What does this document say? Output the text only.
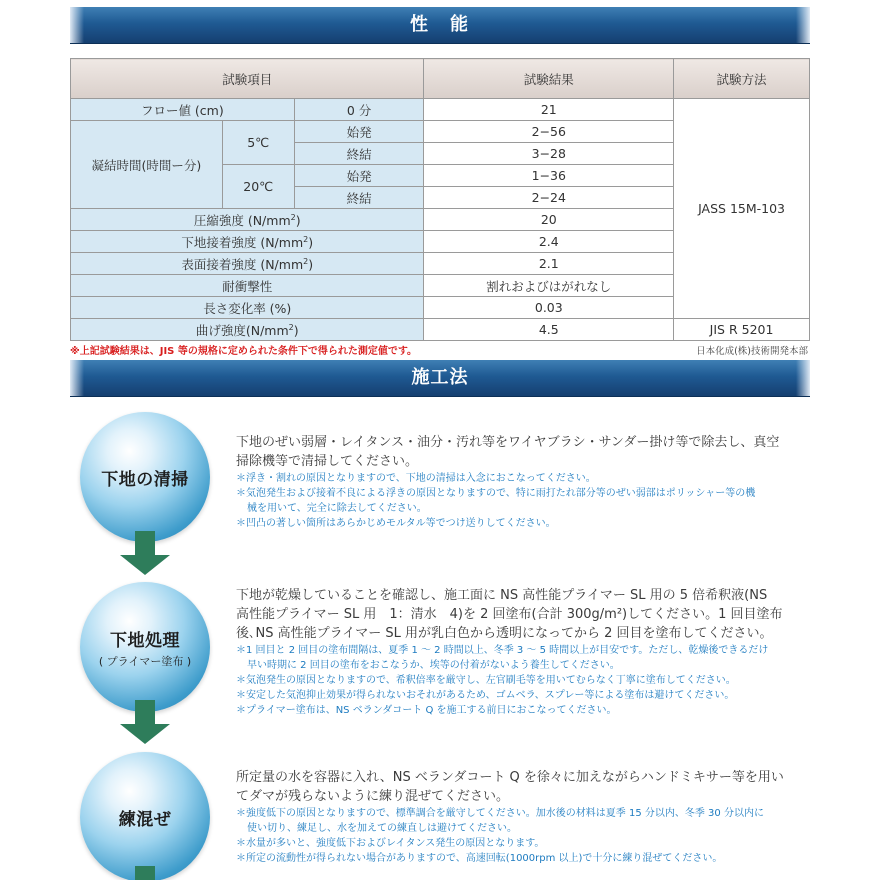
性　能
試験項目			試験結果	試験方法
フロー値 (cm)		0 分	21	JASS 15M-103
凝結時間(時間ー分)	5℃	始発	2−56	
		終結	3−28	
	20℃	始発	1−36	
		終結	2−24	
圧縮強度 $(N/mm^2)$			20	
下地接着強度 $(N/mm^2)$			2.4	
表面接着強度 $(N/mm^2)$			2.1	
耐衝撃性			割れおよびはがれなし	
長さ変化率 (%)			0.03	
曲げ強度$(N/mm^2)$			4.5	JIS R 5201
※上記試験結果は、JIS 等の規格に定められた条件下で得られた測定値です。	日本化成(株)技術開発本部
施工法
下地の清掃
下地のぜい弱層・レイタンス・油分・汚れ等をワイヤブラシ・サンダー掛け等で除去し、真空掃除機等で清掃してください。
＊浮き・割れの原因となりますので、下地の清掃は入念におこなってください。
＊気泡発生および接着不良による浮きの原因となりますので、特に雨打たれ部分等のぜい弱部はポリッシャー等の機
械を用いて、完全に除去してください。
＊凹凸の著しい箇所はあらかじめモルタル等でつけ送りしてください。
下地処理
( プライマー塗布 )
下地が乾燥していることを確認し、施工面に NS 高性能プライマー SL 用の 5 倍希釈液(NS 高性能プライマー SL 用　1：清水　4)を 2 回塗布(合計 300g/m²)してください。1 回目塗布後､NS 高性能プライマー SL 用が乳白色から透明になってから 2 回目を塗布してください。
＊1 回目と 2 回目の塗布間隔は、夏季 1 〜 2 時間以上、冬季 3 〜 5 時間以上が目安です。ただし、乾燥後できるだけ
早い時期に 2 回目の塗布をおこなうか、埃等の付着がないよう養生してください。
＊気泡発生の原因となりますので、希釈倍率を厳守し、左官刷毛等を用いてむらなく丁寧に塗布してください。
＊安定した気泡抑止効果が得られないおそれがあるため、ゴムベラ、スプレー等による塗布は避けてください。
＊プライマー塗布は、NS ベランダコート Q を施工する前日におこなってください。
練混ぜ
所定量の水を容器に入れ、NS ベランダコート Q を徐々に加えながらハンドミキサー等を用いてダマが残らないように練り混ぜてください。
＊強度低下の原因となりますので、標準調合を厳守してください。加水後の材料は夏季 15 分以内、冬季 30 分以内に
使い切り、練足し、水を加えての練直しは避けてください。
＊水量が多いと、強度低下およびレイタンス発生の原因となります。
＊所定の流動性が得られない場合がありますので、高速回転(1000rpm 以上)で十分に練り混ぜてください。
